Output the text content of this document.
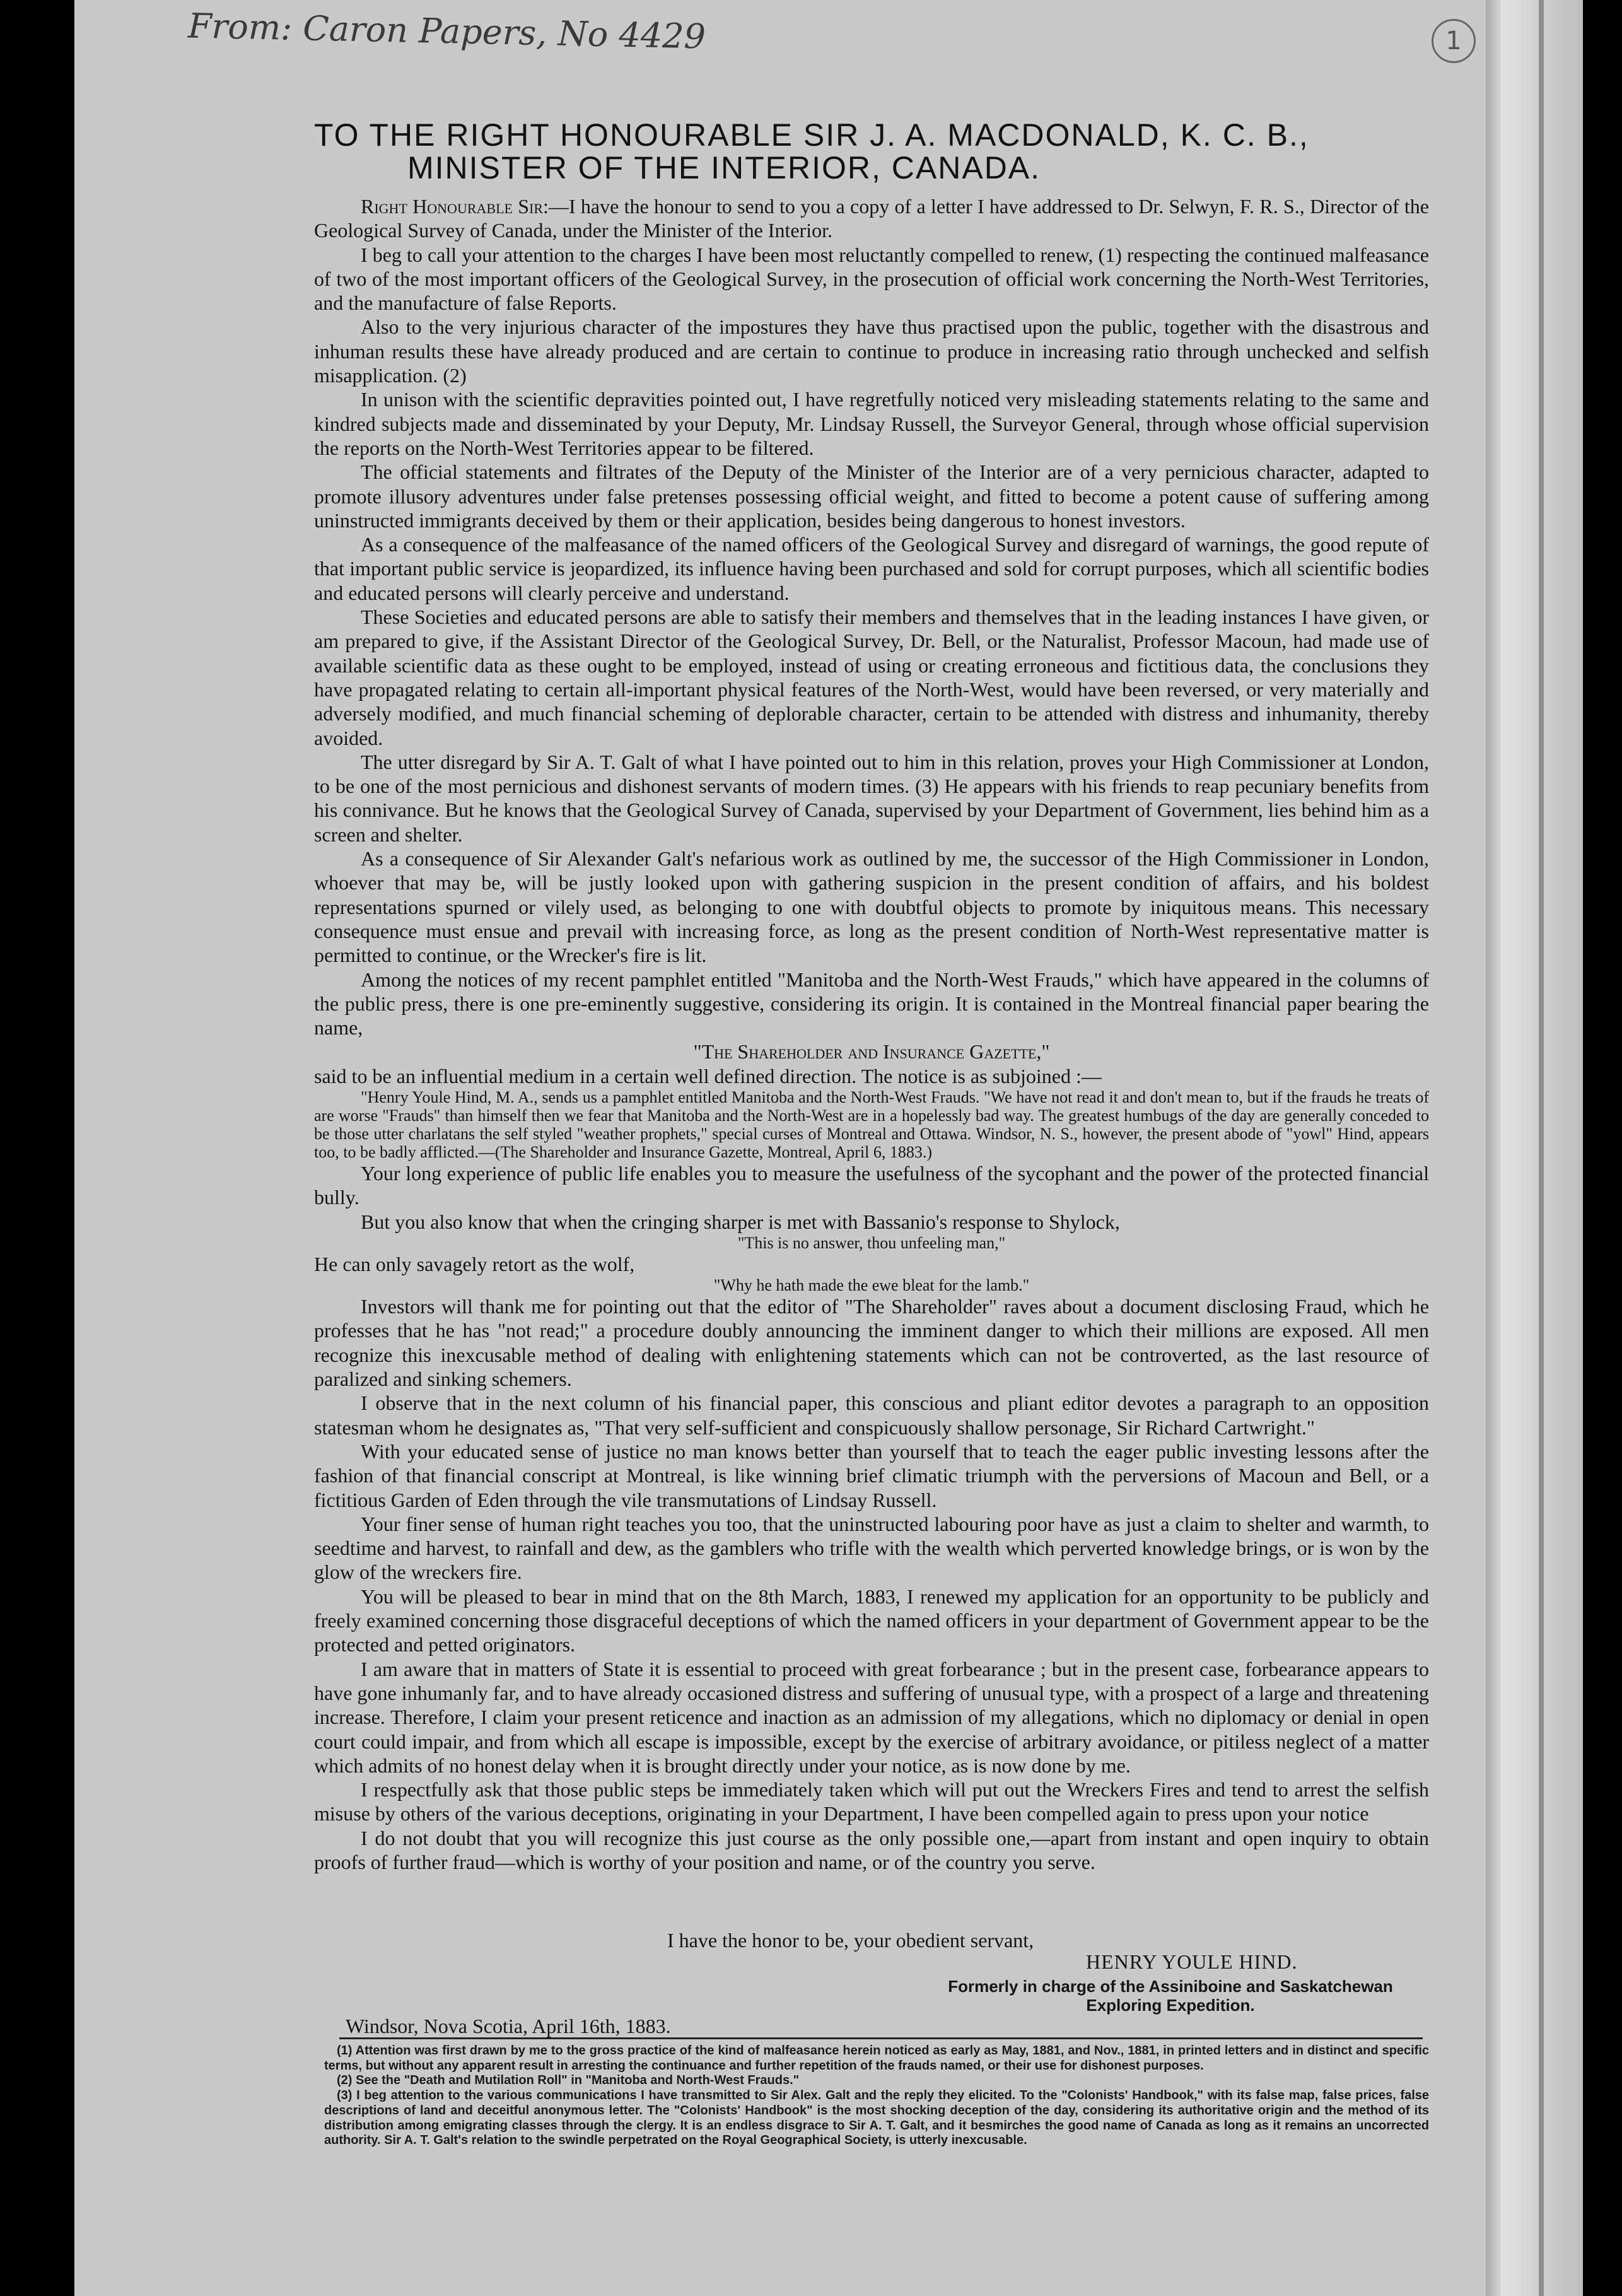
1
From: Caron Papers, No 4429
TO THE RIGHT HONOURABLE SIR J. A. MACDONALD, K. C. B.,
MINISTER OF THE INTERIOR, CANADA.

Right Honourable Sir:—I have the honour to send to you a copy of a letter I have addressed to Dr. Selwyn, F. R. S., Director of the Geological Survey of Canada, under the Minister of the Interior.

I beg to call your attention to the charges I have been most reluctantly compelled to renew, (1) respecting the continued malfeasance of two of the most important officers of the Geological Survey, in the prosecution of official work concerning the North-West Territories, and the manufacture of false Reports.

Also to the very injurious character of the impostures they have thus practised upon the public, together with the disastrous and inhuman results these have already produced and are certain to continue to produce in increasing ratio through unchecked and selfish misapplication. (2)

In unison with the scientific depravities pointed out, I have regretfully noticed very misleading statements relating to the same and kindred subjects made and disseminated by your Deputy, Mr. Lindsay Russell, the Surveyor General, through whose official supervision the reports on the North-West Territories appear to be filtered.

The official statements and filtrates of the Deputy of the Minister of the Interior are of a very pernicious character, adapted to promote illusory adventures under false pretenses possessing official weight, and fitted to become a potent cause of suffering among uninstructed immigrants deceived by them or their application, besides being dangerous to honest investors.

As a consequence of the malfeasance of the named officers of the Geological Survey and disregard of warnings, the good repute of that important public service is jeopardized, its influence having been purchased and sold for corrupt purposes, which all scientific bodies and educated persons will clearly perceive and understand.

These Societies and educated persons are able to satisfy their members and themselves that in the leading instances I have given, or am prepared to give, if the Assistant Director of the Geological Survey, Dr. Bell, or the Naturalist, Professor Macoun, had made use of available scientific data as these ought to be employed, instead of using or creating erroneous and fictitious data, the conclusions they have propagated relating to certain all-important physical features of the North-West, would have been reversed, or very materially and adversely modified, and much financial scheming of deplorable character, certain to be attended with distress and inhumanity, thereby avoided.

The utter disregard by Sir A. T. Galt of what I have pointed out to him in this relation, proves your High Commissioner at London, to be one of the most pernicious and dishonest servants of modern times. (3) He appears with his friends to reap pecuniary benefits from his connivance. But he knows that the Geological Survey of Canada, supervised by your Department of Government, lies behind him as a screen and shelter.

As a consequence of Sir Alexander Galt's nefarious work as outlined by me, the successor of the High Commissioner in London, whoever that may be, will be justly looked upon with gathering suspicion in the present condition of affairs, and his boldest representations spurned or vilely used, as belonging to one with doubtful objects to promote by iniquitous means. This necessary consequence must ensue and prevail with increasing force, as long as the present condition of North-West representative matter is permitted to continue, or the Wrecker's fire is lit.

Among the notices of my recent pamphlet entitled "Manitoba and the North-West Frauds," which have appeared in the columns of the public press, there is one pre-eminently suggestive, considering its origin. It is contained in the Montreal financial paper bearing the name,

"The Shareholder and Insurance Gazette,"

said to be an influential medium in a certain well defined direction. The notice is as subjoined :—

"Henry Youle Hind, M. A., sends us a pamphlet entitled Manitoba and the North-West Frauds. "We have not read it and don't mean to, but if the frauds he treats of are worse "Frauds" than himself then we fear that Manitoba and the North-West are in a hopelessly bad way. The greatest humbugs of the day are generally conceded to be those utter charlatans the self styled "weather prophets," special curses of Montreal and Ottawa. Windsor, N. S., however, the present abode of "yowl" Hind, appears too, to be badly afflicted.—(The Shareholder and Insurance Gazette, Montreal, April 6, 1883.)

Your long experience of public life enables you to measure the usefulness of the sycophant and the power of the protected financial bully.

But you also know that when the cringing sharper is met with Bassanio's response to Shylock,

"This is no answer, thou unfeeling man,"

He can only savagely retort as the wolf,

"Why he hath made the ewe bleat for the lamb."

Investors will thank me for pointing out that the editor of "The Shareholder" raves about a document disclosing Fraud, which he professes that he has "not read;" a procedure doubly announcing the imminent danger to which their millions are exposed. All men recognize this inexcusable method of dealing with enlightening statements which can not be controverted, as the last resource of paralized and sinking schemers.

I observe that in the next column of his financial paper, this conscious and pliant editor devotes a paragraph to an opposition statesman whom he designates as, "That very self-sufficient and conspicuously shallow personage, Sir Richard Cartwright."

With your educated sense of justice no man knows better than yourself that to teach the eager public investing lessons after the fashion of that financial conscript at Montreal, is like winning brief climatic triumph with the perversions of Macoun and Bell, or a fictitious Garden of Eden through the vile transmutations of Lindsay Russell.

Your finer sense of human right teaches you too, that the uninstructed labouring poor have as just a claim to shelter and warmth, to seedtime and harvest, to rainfall and dew, as the gamblers who trifle with the wealth which perverted knowledge brings, or is won by the glow of the wreckers fire.

You will be pleased to bear in mind that on the 8th March, 1883, I renewed my application for an opportunity to be publicly and freely examined concerning those disgraceful deceptions of which the named officers in your department of Government appear to be the protected and petted originators.

I am aware that in matters of State it is essential to proceed with great forbearance ; but in the present case, forbearance appears to have gone inhumanly far, and to have already occasioned distress and suffering of unusual type, with a prospect of a large and threatening increase. Therefore, I claim your present reticence and inaction as an admission of my allegations, which no diplomacy or denial in open court could impair, and from which all escape is impossible, except by the exercise of arbitrary avoidance, or pitiless neglect of a matter which admits of no honest delay when it is brought directly under your notice, as is now done by me.

I respectfully ask that those public steps be immediately taken which will put out the Wreckers Fires and tend to arrest the selfish misuse by others of the various deceptions, originating in your Department, I have been compelled again to press upon your notice

I do not doubt that you will recognize this just course as the only possible one,—apart from instant and open inquiry to obtain proofs of further fraud—which is worthy of your position and name, or of the country you serve.

I have the honor to be, your obedient servant,
HENRY YOULE HIND.
Formerly in charge of the Assiniboine and Saskatchewan Exploring Expedition.
Windsor, Nova Scotia, April 16th, 1883.

(1) Attention was first drawn by me to the gross practice of the kind of malfeasance herein noticed as early as May, 1881, and Nov., 1881, in printed letters and in distinct and specific terms, but without any apparent result in arresting the continuance and further repetition of the frauds named, or their use for dishonest purposes.

(2) See the "Death and Mutilation Roll" in "Manitoba and North-West Frauds."

(3) I beg attention to the various communications I have transmitted to Sir Alex. Galt and the reply they elicited. To the "Colonists' Handbook," with its false map, false prices, false descriptions of land and deceitful anonymous letter. The "Colonists' Handbook" is the most shocking deception of the day, considering its authoritative origin and the method of its distribution among emigrating classes through the clergy. It is an endless disgrace to Sir A. T. Galt, and it besmirches the good name of Canada as long as it remains an uncorrected authority. Sir A. T. Galt's relation to the swindle perpetrated on the Royal Geographical Society, is utterly inexcusable.
